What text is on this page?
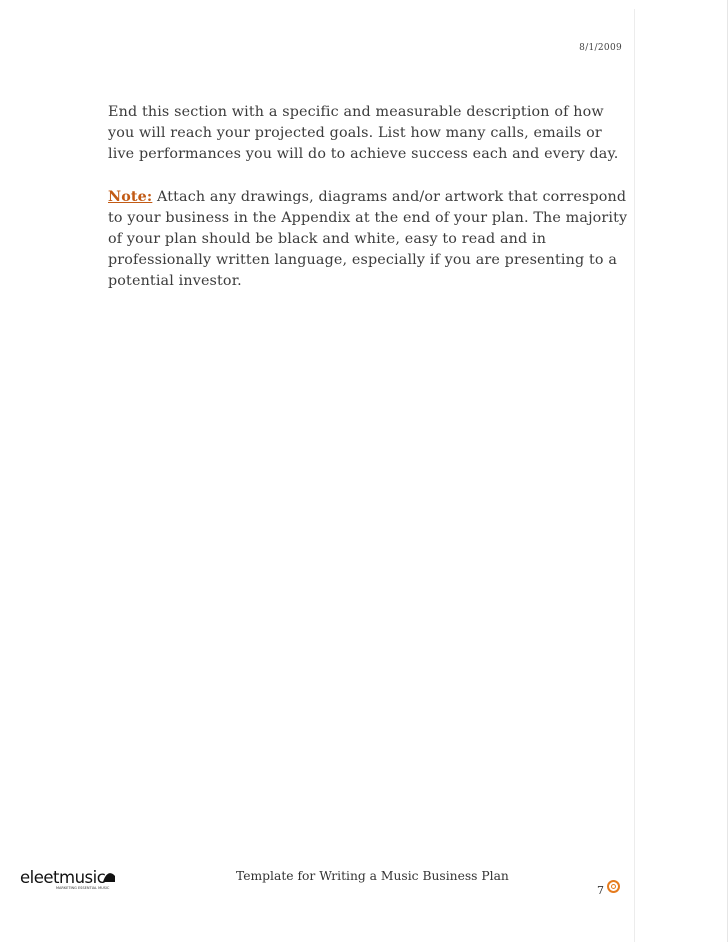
8/1/2009

End this section with a specific and measurable description of how you will reach your projected goals. List how many calls, emails or live performances you will do to achieve success each and every day.

Note: Attach any drawings, diagrams and/or artwork that correspond to your business in the Appendix at the end of your plan. The majority of your plan should be black and white, easy to read and in professionally written language, especially if you are presenting to a potential investor.

eleetmusic
MARKETING ESSENTIAL MUSIC
Template for Writing a Music Business Plan
7
